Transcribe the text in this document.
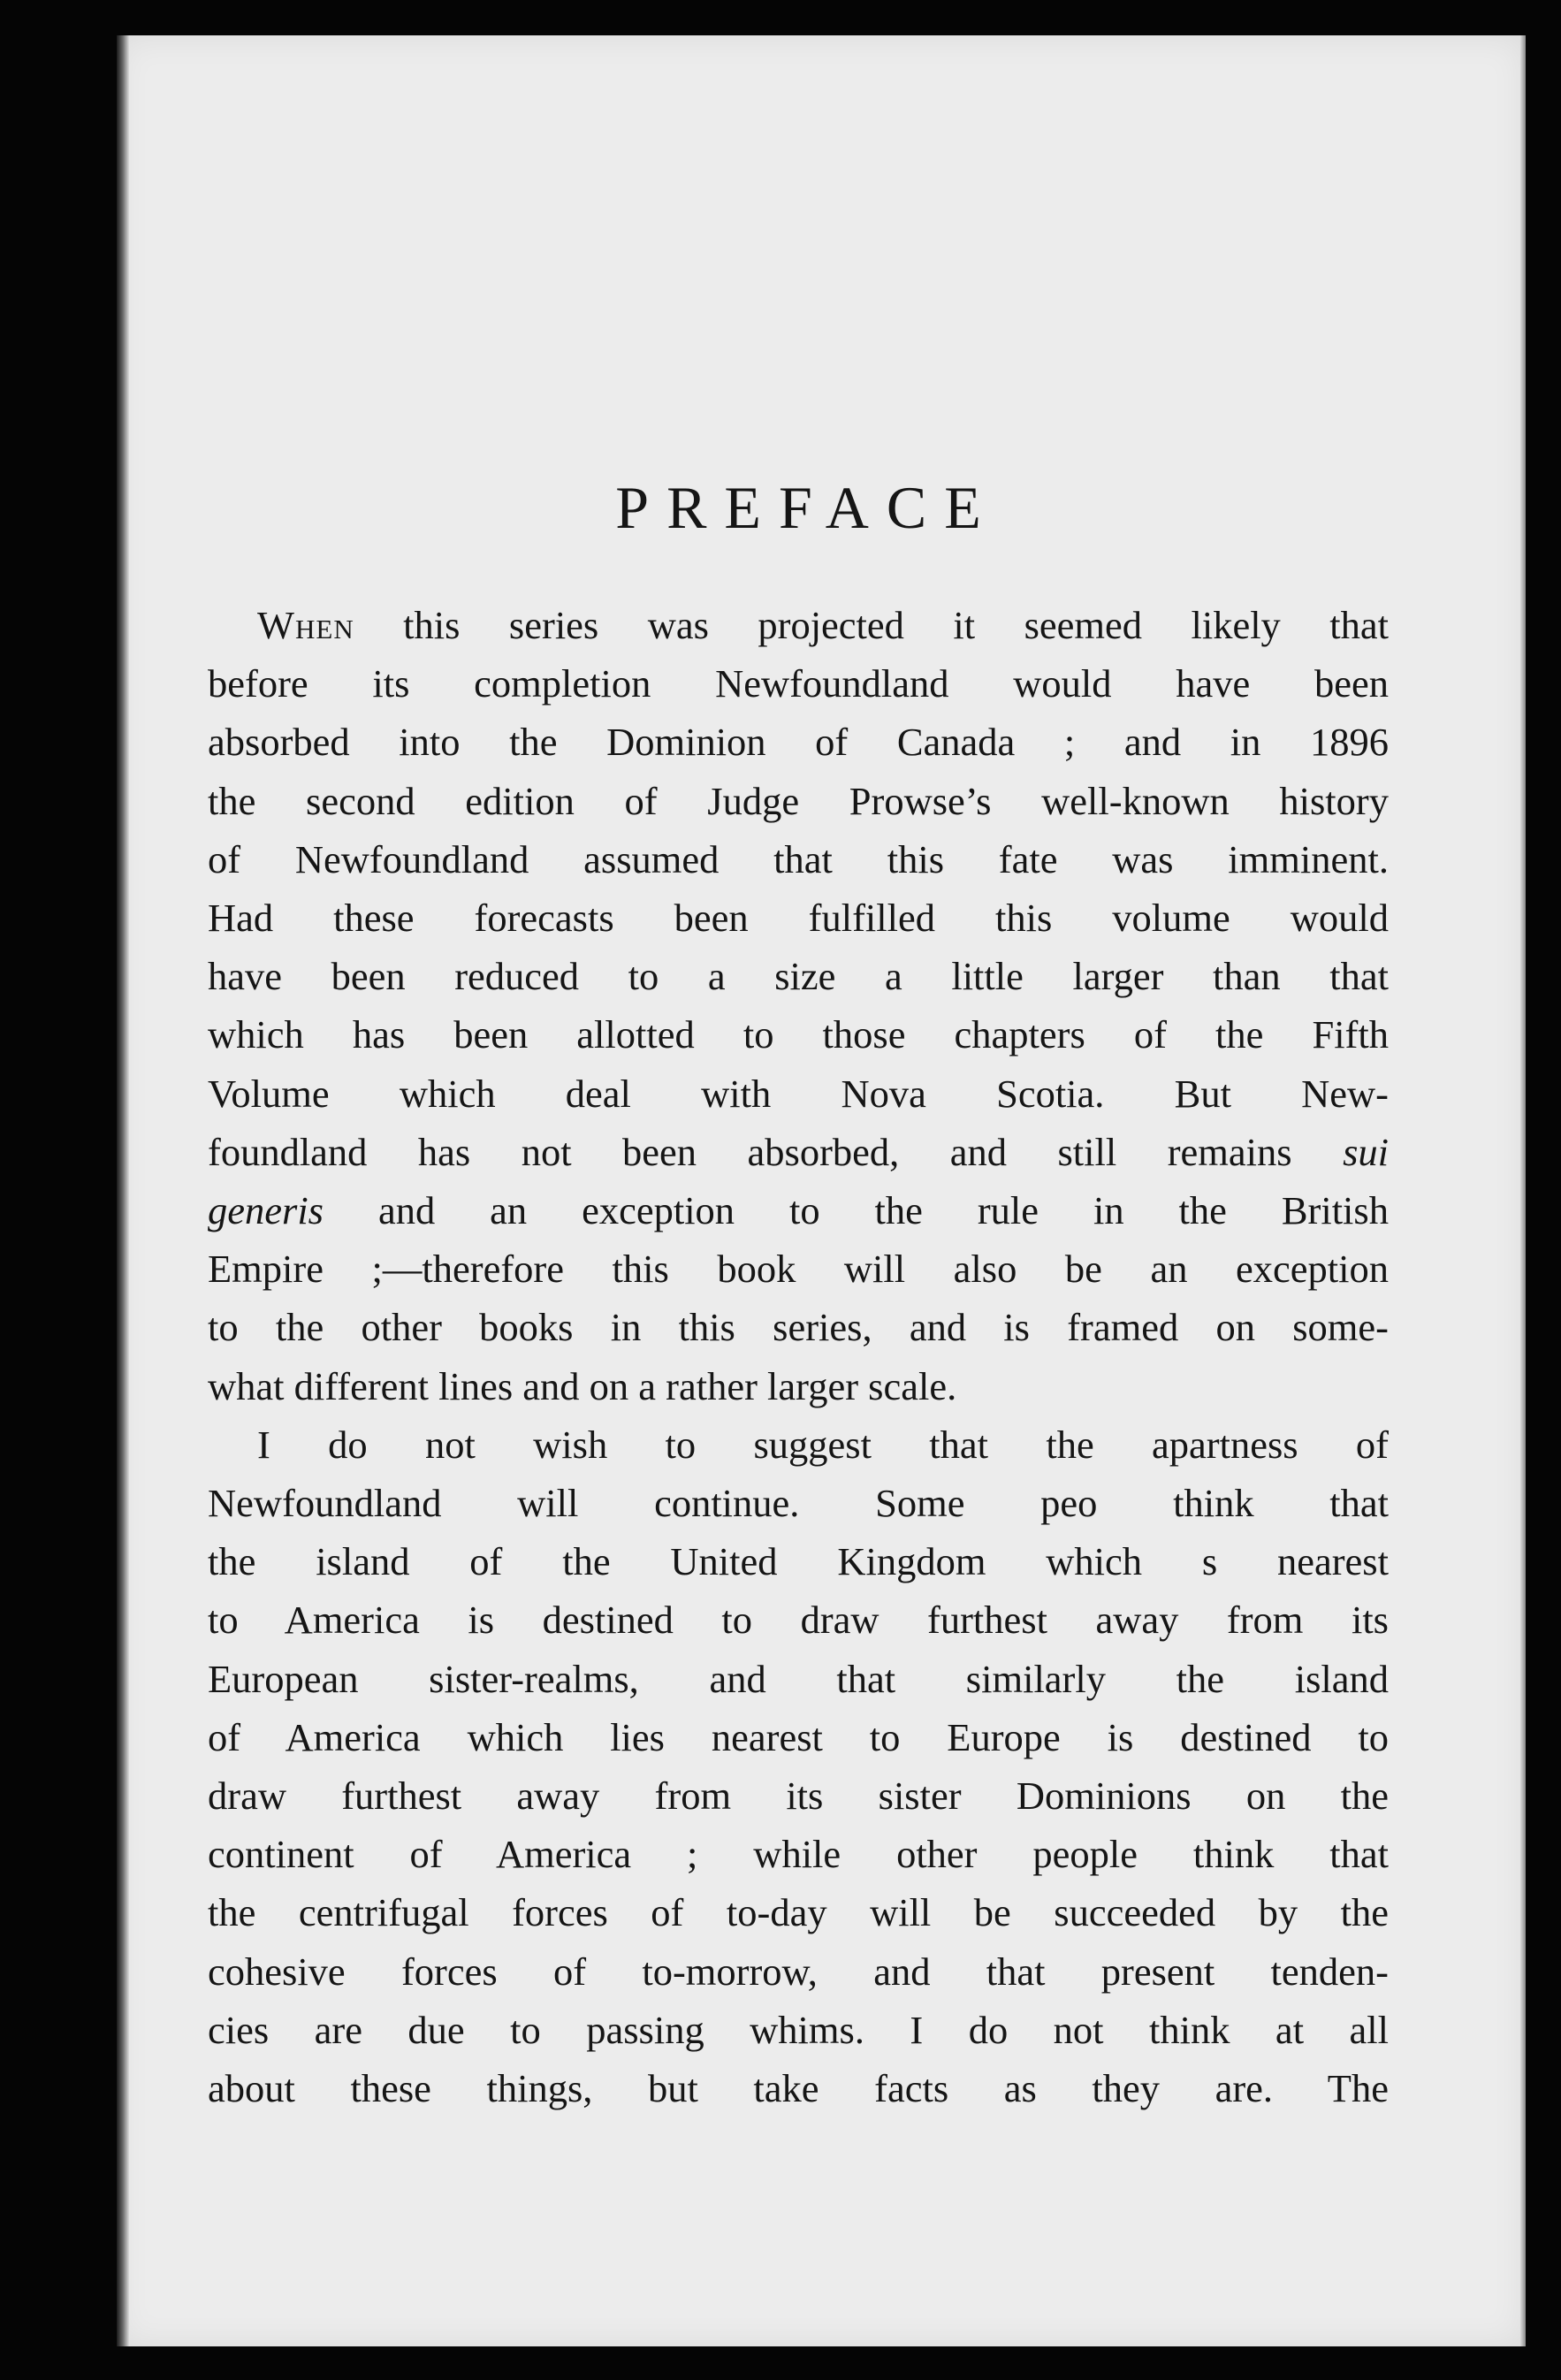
PREFACE
When this series was projected it seemed likely that
before its completion Newfoundland would have been
absorbed into the Dominion of Canada ; and in 1896
the second edition of Judge Prowse’s well-known history
of Newfoundland assumed that this fate was imminent.
Had these forecasts been fulfilled this volume would
have been reduced to a size a little larger than that
which has been allotted to those chapters of the Fifth
Volume which deal with Nova Scotia. But New-
foundland has not been absorbed, and still remains sui
generis and an exception to the rule in the British
Empire ;—therefore this book will also be an exception
to the other books in this series, and is framed on some-
what different lines and on a rather larger scale.
I do not wish to suggest that the apartness of
Newfoundland will continue. Some peo think that
the island of the United Kingdom which s nearest
to America is destined to draw furthest away from its
European sister-realms, and that similarly the island
of America which lies nearest to Europe is destined to
draw furthest away from its sister Dominions on the
continent of America ; while other people think that
the centrifugal forces of to-day will be succeeded by the
cohesive forces of to-morrow, and that present tenden-
cies are due to passing whims. I do not think at all
about these things, but take facts as they are. The
